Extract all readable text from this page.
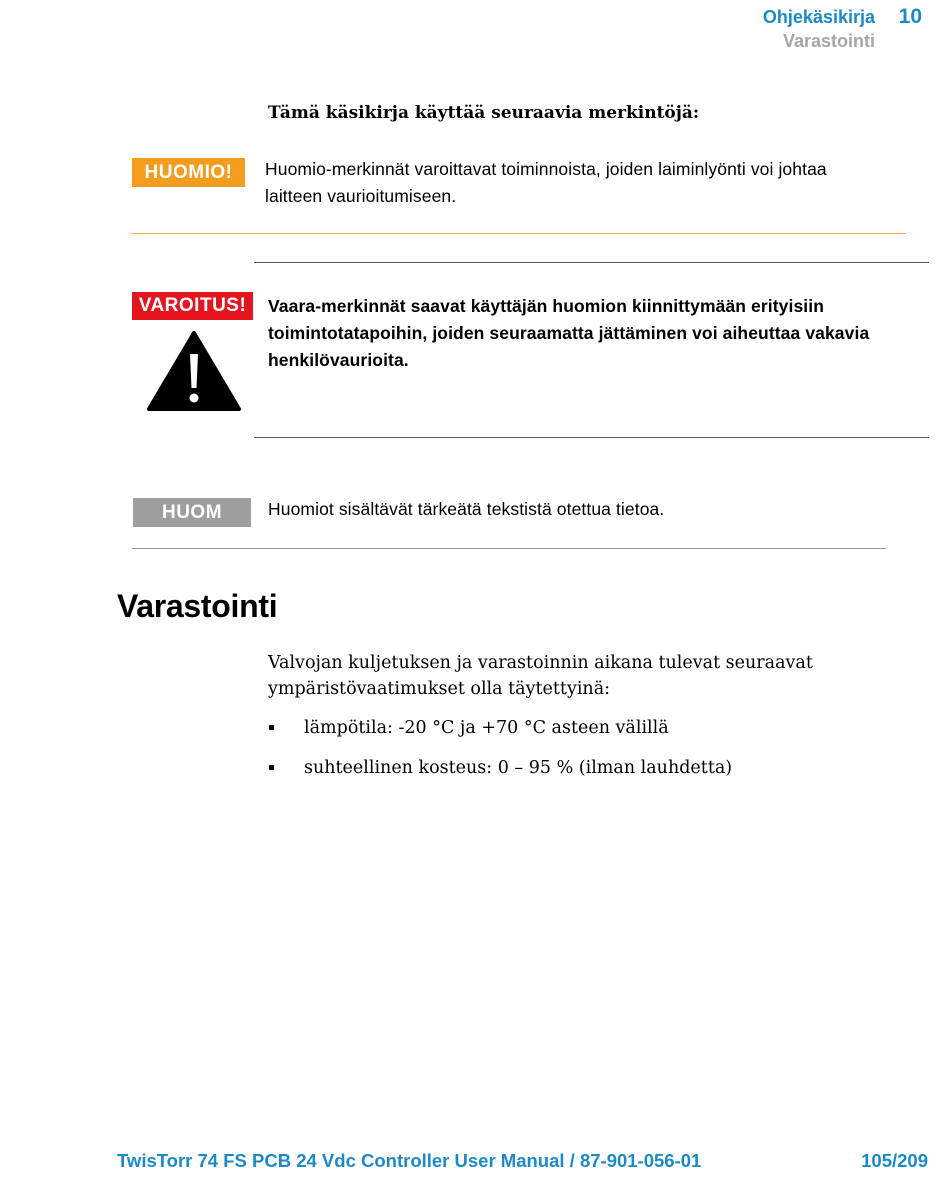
Ohjekäsikirja 10
Varastointi
Tämä käsikirja käyttää seuraavia merkintöjä:
HUOMIO!	Huomio-merkinnät varoittavat toiminnoista, joiden laiminlyönti voi johtaa laitteen vaurioitumiseen.
VAROITUS!	Vaara-merkinnät saavat käyttäjän huomion kiinnittymään erityisiin toimintotatapoihin, joiden seuraamatta jättäminen voi aiheuttaa vakavia henkilövaurioita.
HUOM	Huomiot sisältävät tärkeätä tekstistä otettua tietoa.
Varastointi
Valvojan kuljetuksen ja varastoinnin aikana tulevat seuraavat ympäristövaatimukset olla täytettyinä:
lämpötila: -20 °C ja +70 °C asteen välillä
suhteellinen kosteus: 0 – 95 % (ilman lauhdetta)
TwisTorr 74 FS PCB 24 Vdc Controller User Manual / 87-901-056-01	105/209
